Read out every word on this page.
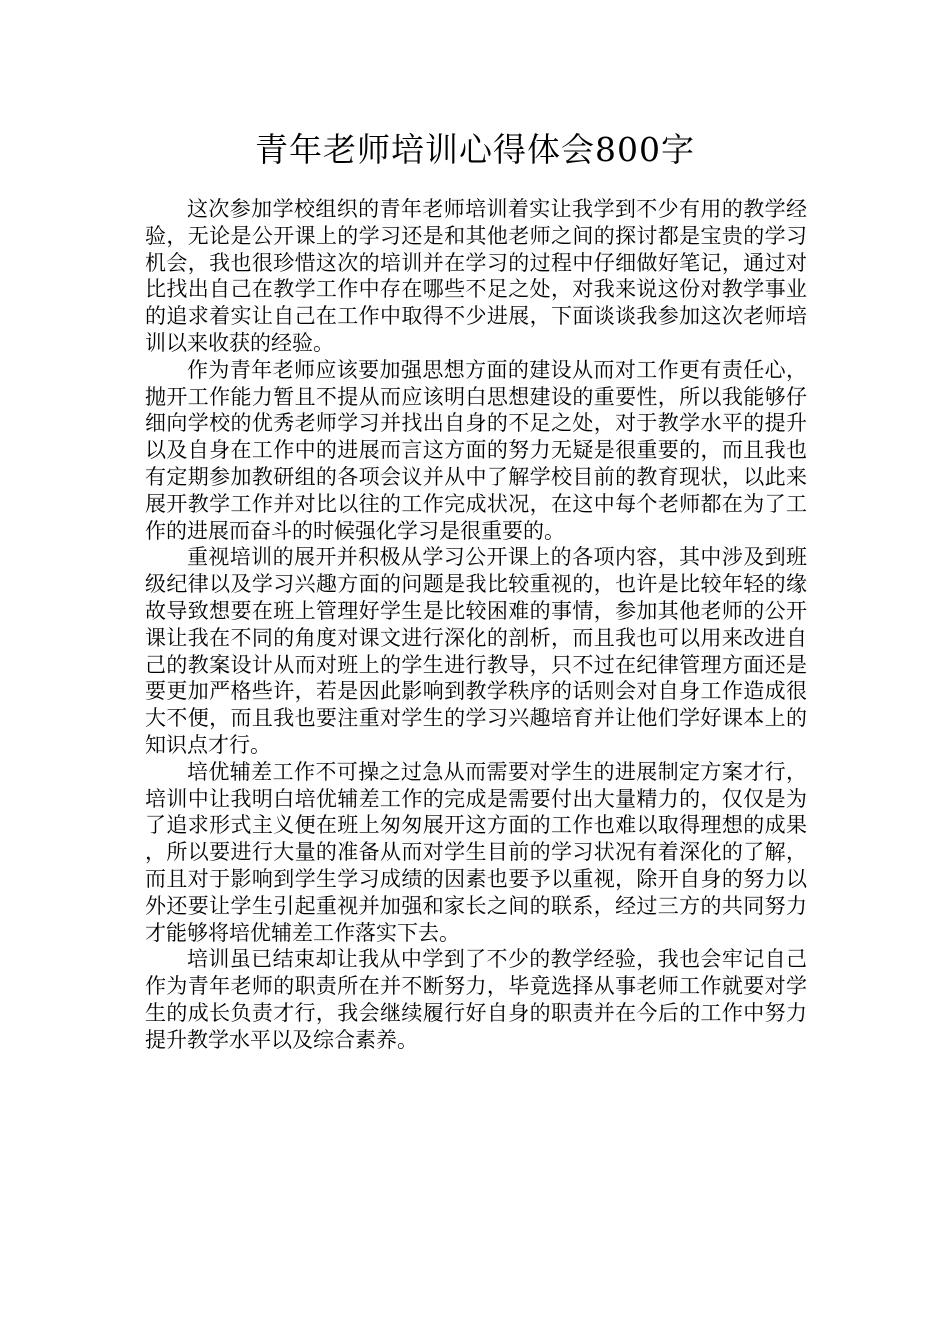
青年老师培训心得体会800字

这次参加学校组织的青年老师培训着实让我学到不少有用的教学经验，无论是公开课上的学习还是和其他老师之间的探讨都是宝贵的学习机会，我也很珍惜这次的培训并在学习的过程中仔细做好笔记，通过对比找出自己在教学工作中存在哪些不足之处，对我来说这份对教学事业的追求着实让自己在工作中取得不少进展，下面谈谈我参加这次老师培训以来收获的经验。

作为青年老师应该要加强思想方面的建设从而对工作更有责任心，抛开工作能力暂且不提从而应该明白思想建设的重要性，所以我能够仔细向学校的优秀老师学习并找出自身的不足之处，对于教学水平的提升以及自身在工作中的进展而言这方面的努力无疑是很重要的，而且我也有定期参加教研组的各项会议并从中了解学校目前的教育现状，以此来展开教学工作并对比以往的工作完成状况，在这中每个老师都在为了工作的进展而奋斗的时候强化学习是很重要的。

重视培训的展开并积极从学习公开课上的各项内容，其中涉及到班级纪律以及学习兴趣方面的问题是我比较重视的，也许是比较年轻的缘故导致想要在班上管理好学生是比较困难的事情，参加其他老师的公开课让我在不同的角度对课文进行深化的剖析，而且我也可以用来改进自己的教案设计从而对班上的学生进行教导，只不过在纪律管理方面还是要更加严格些许，若是因此影响到教学秩序的话则会对自身工作造成很大不便，而且我也要注重对学生的学习兴趣培育并让他们学好课本上的知识点才行。

培优辅差工作不可操之过急从而需要对学生的进展制定方案才行，培训中让我明白培优辅差工作的完成是需要付出大量精力的，仅仅是为了追求形式主义便在班上匆匆展开这方面的工作也难以取得理想的成果，所以要进行大量的准备从而对学生目前的学习状况有着深化的了解，而且对于影响到学生学习成绩的因素也要予以重视，除开自身的努力以外还要让学生引起重视并加强和家长之间的联系，经过三方的共同努力才能够将培优辅差工作落实下去。

培训虽已结束却让我从中学到了不少的教学经验，我也会牢记自己作为青年老师的职责所在并不断努力，毕竟选择从事老师工作就要对学生的成长负责才行，我会继续履行好自身的职责并在今后的工作中努力提升教学水平以及综合素养。
